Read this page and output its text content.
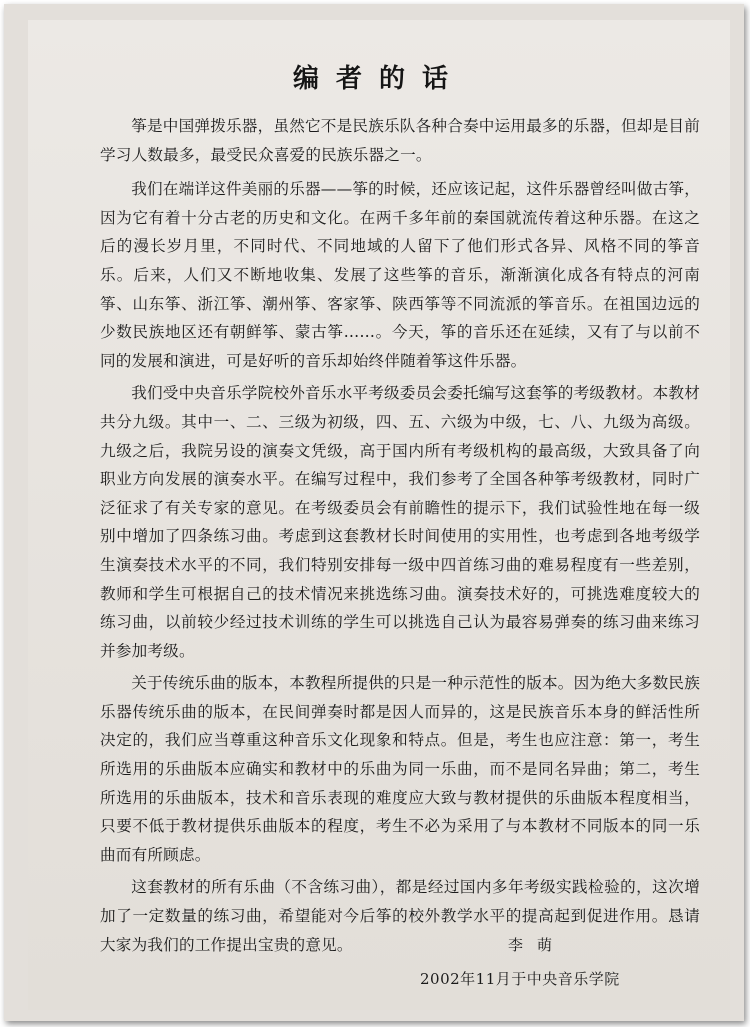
编者的话

筝是中国弹拨乐器，虽然它不是民族乐队各种合奏中运用最多的乐器，但却是目前学习人数最多，最受民众喜爱的民族乐器之一。

我们在端详这件美丽的乐器——筝的时候，还应该记起，这件乐器曾经叫做古筝，因为它有着十分古老的历史和文化。在两千多年前的秦国就流传着这种乐器。在这之后的漫长岁月里，不同时代、不同地域的人留下了他们形式各异、风格不同的筝音乐。后来，人们又不断地收集、发展了这些筝的音乐，渐渐演化成各有特点的河南筝、山东筝、浙江筝、潮州筝、客家筝、陕西筝等不同流派的筝音乐。在祖国边远的少数民族地区还有朝鲜筝、蒙古筝……。今天，筝的音乐还在延续，又有了与以前不同的发展和演进，可是好听的音乐却始终伴随着筝这件乐器。

我们受中央音乐学院校外音乐水平考级委员会委托编写这套筝的考级教材。本教材共分九级。其中一、二、三级为初级，四、五、六级为中级，七、八、九级为高级。九级之后，我院另设的演奏文凭级，高于国内所有考级机构的最高级，大致具备了向职业方向发展的演奏水平。在编写过程中，我们参考了全国各种筝考级教材，同时广泛征求了有关专家的意见。在考级委员会有前瞻性的提示下，我们试验性地在每一级别中增加了四条练习曲。考虑到这套教材长时间使用的实用性，也考虑到各地考级学生演奏技术水平的不同，我们特别安排每一级中四首练习曲的难易程度有一些差别，教师和学生可根据自己的技术情况来挑选练习曲。演奏技术好的，可挑选难度较大的练习曲，以前较少经过技术训练的学生可以挑选自己认为最容易弹奏的练习曲来练习并参加考级。

关于传统乐曲的版本，本教程所提供的只是一种示范性的版本。因为绝大多数民族乐器传统乐曲的版本，在民间弹奏时都是因人而异的，这是民族音乐本身的鲜活性所决定的，我们应当尊重这种音乐文化现象和特点。但是，考生也应注意：第一，考生所选用的乐曲版本应确实和教材中的乐曲为同一乐曲，而不是同名异曲；第二，考生所选用的乐曲版本，技术和音乐表现的难度应大致与教材提供的乐曲版本程度相当，只要不低于教材提供乐曲版本的程度，考生不必为采用了与本教材不同版本的同一乐曲而有所顾虑。

这套教材的所有乐曲（不含练习曲），都是经过国内多年考级实践检验的，这次增加了一定数量的练习曲，希望能对今后筝的校外教学水平的提高起到促进作用。恳请大家为我们的工作提出宝贵的意见。	李萌
2002年11月于中央音乐学院
